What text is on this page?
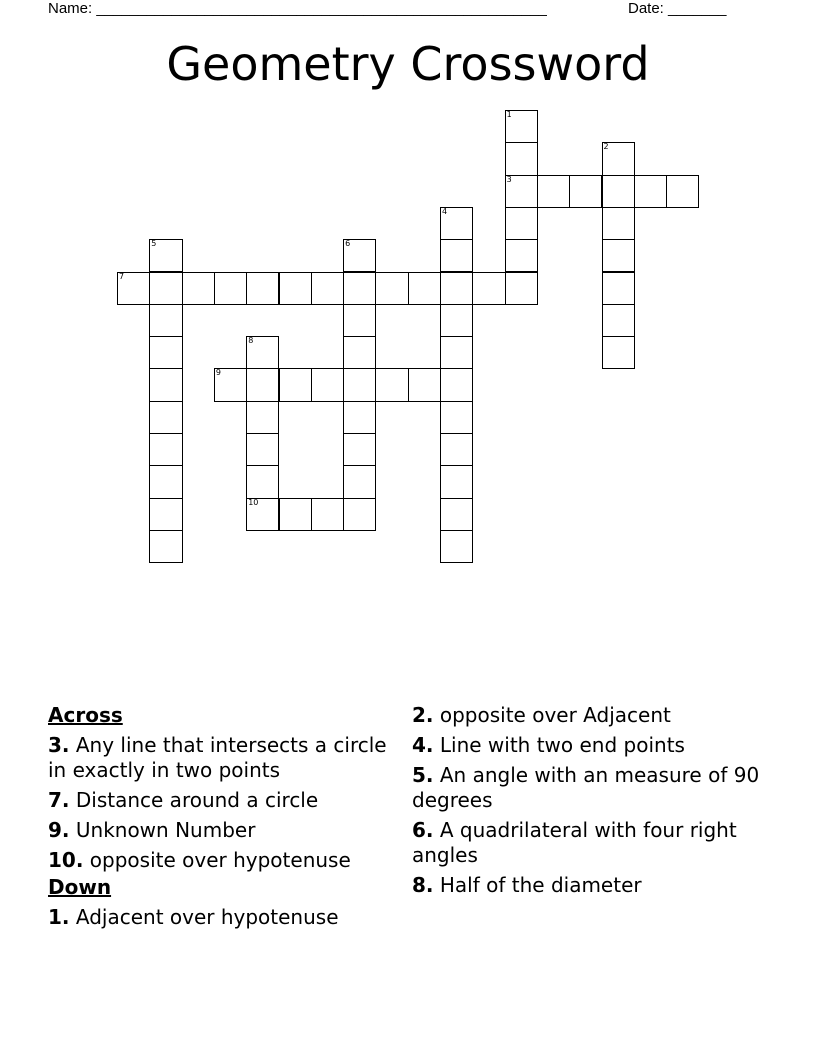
Name: ______________________________________________________	Date: _______
Geometry Crossword
1
3
2
4
5	6
7
8
10
9
Across
3. Any line that intersects a circle in exactly in two points
7. Distance around a circle
9. Unknown Number
10. opposite over hypotenuse
Down
1. Adjacent over hypotenuse
2. opposite over Adjacent
4. Line with two end points
5. An angle with an measure of 90 degrees
6. A quadrilateral with four right angles
8. Half of the diameter
